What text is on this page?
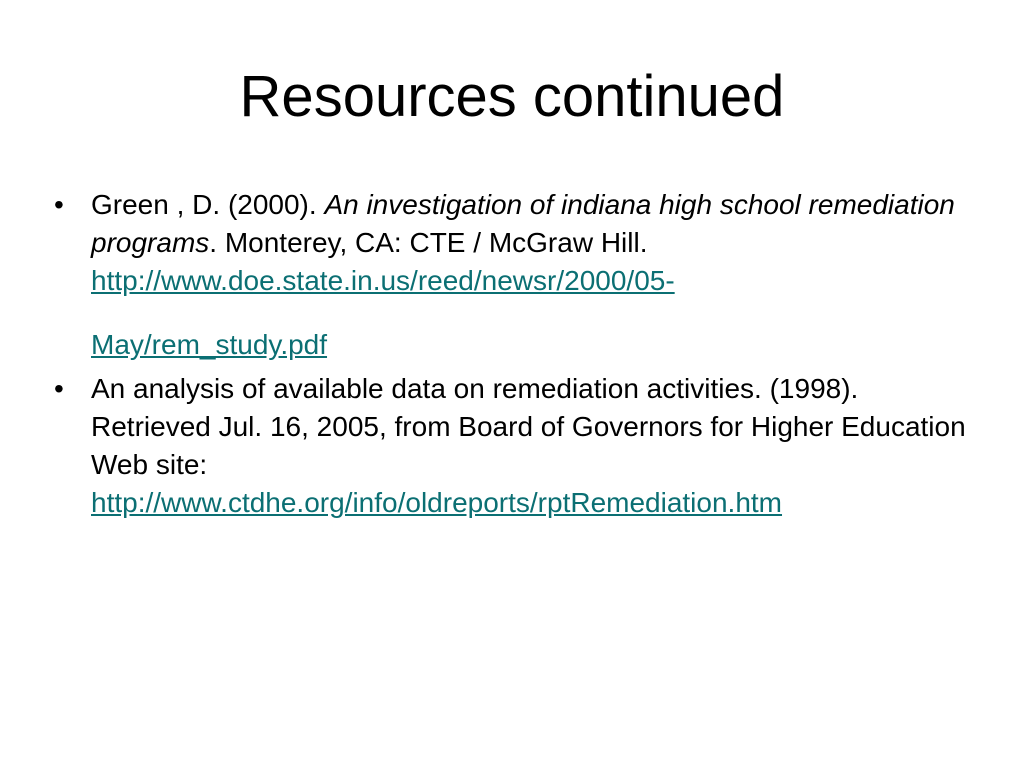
Resources continued
• Green , D. (2000). An investigation of indiana high school remediation programs. Monterey, CA: CTE / McGraw Hill.
http://www.doe.state.in.us/reed/newsr/2000/05-
May/rem_study.pdf
• An analysis of available data on remediation activities. (1998). Retrieved Jul. 16, 2005, from Board of Governors for Higher Education Web site:
http://www.ctdhe.org/info/oldreports/rptRemediation.htm
